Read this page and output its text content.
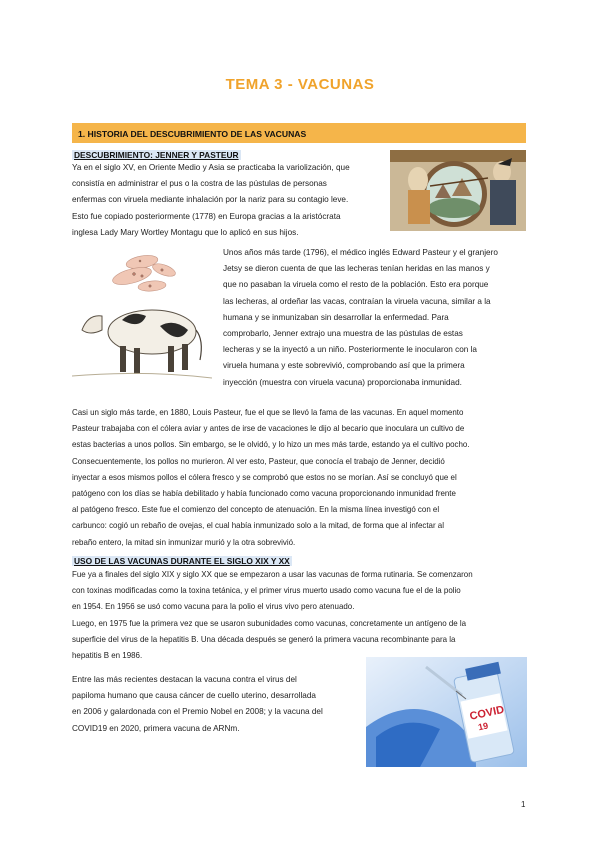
TEMA 3 - VACUNAS
1. HISTORIA DEL DESCUBRIMIENTO DE LAS VACUNAS
DESCUBRIMIENTO: JENNER Y PASTEUR
Ya en el siglo XV, en Oriente Medio y Asia se practicaba la variolización, que
consistía en administrar el pus o la costra de las pústulas de personas
enfermas con viruela mediante inhalación por la nariz para su contagio leve.
Esto fue copiado posteriormente (1778) en Europa gracias a la aristócrata
inglesa Lady Mary Wortley Montagu que lo aplicó en sus hijos.
Unos años más tarde (1796), el médico inglés Edward Pasteur y el granjero
Jetsy se dieron cuenta de que las lecheras tenían heridas en las manos y
que no pasaban la viruela como el resto de la población. Esto era porque
las lecheras, al ordeñar las vacas, contraían la viruela vacuna, similar a la
humana y se inmunizaban sin desarrollar la enfermedad. Para
comprobarlo, Jenner extrajo una muestra de las pústulas de estas
lecheras y se la inyectó a un niño. Posteriormente le inocularon con la
viruela humana y este sobrevivió, comprobando así que la primera
inyección (muestra con viruela vacuna) proporcionaba inmunidad.
Casi un siglo más tarde, en 1880, Louis Pasteur, fue el que se llevó la fama de las vacunas. En aquel momento
Pasteur trabajaba con el cólera aviar y antes de irse de vacaciones le dijo al becario que inoculara un cultivo de
estas bacterias a unos pollos. Sin embargo, se le olvidó, y lo hizo un mes más tarde, estando ya el cultivo pocho.
Consecuentemente, los pollos no murieron. Al ver esto, Pasteur, que conocía el trabajo de Jenner, decidió
inyectar a esos mismos pollos el cólera fresco y se comprobó que estos no se morían. Así se concluyó que el
patógeno con los días se había debilitado y había funcionado como vacuna proporcionando inmunidad frente
al patógeno fresco. Este fue el comienzo del concepto de atenuación. En la misma línea investigó con el
carbunco: cogió un rebaño de ovejas, el cual había inmunizado solo a la mitad, de forma que al infectar al
rebaño entero, la mitad sin inmunizar murió y la otra sobrevivió.
USO DE LAS VACUNAS DURANTE EL SIGLO XIX Y XX
Fue ya a finales del siglo XIX y siglo XX que se empezaron a usar las vacunas de forma rutinaria. Se comenzaron
con toxinas modificadas como la toxina tetánica, y el primer virus muerto usado como vacuna fue el de la polio
en 1954. En 1956 se usó como vacuna para la polio el virus vivo pero atenuado.
Luego, en 1975 fue la primera vez que se usaron subunidades como vacunas, concretamente un antígeno de la
superficie del virus de la hepatitis B. Una década después se generó la primera vacuna recombinante para la
hepatitis B en 1986.
Entre las más recientes destacan la vacuna contra el virus del
papiloma humano que causa cáncer de cuello uterino, desarrollada
en 2006 y galardonada con el Premio Nobel en 2008; y la vacuna del
COVID19 en 2020, primera vacuna de ARNm.
COVID
19
1
